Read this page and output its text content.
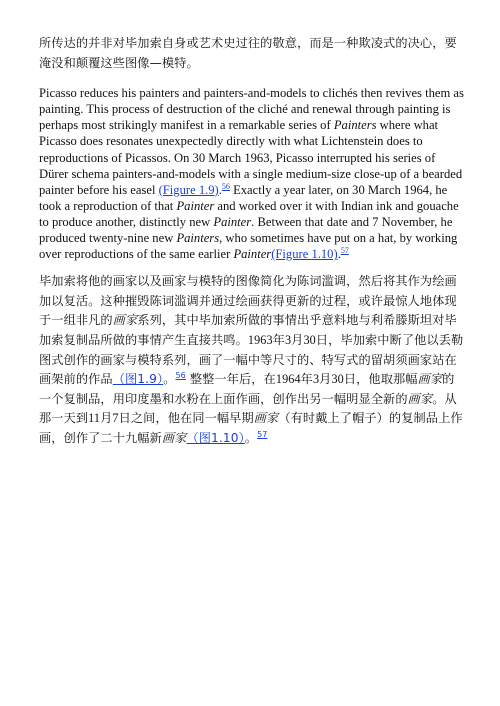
所传达的并非对毕加索自身或艺术史过往的敬意，而是一种欺凌式的决心，要淹没和颠覆这些图像—模特。

Picasso reduces his painters and painters-and-models to clichés then revives them as painting. This process of destruction of the cliché and renewal through painting is perhaps most strikingly manifest in a remarkable series of Painters where what Picasso does resonates unexpectedly directly with what Lichtenstein does to reproductions of Picassos. On 30 March 1963, Picasso interrupted his series of Dürer schema painters-and-models with a single medium-size close-up of a bearded painter before his easel (Figure 1.9).$^{56}$ Exactly a year later, on 30 March 1964, he took a reproduction of that Painter and worked over it with Indian ink and gouache to produce another, distinctly new Painter. Between that date and 7 November, he produced twenty-nine new Painters, who sometimes have put on a hat, by working over reproductions of the same earlier Painter(Figure 1.10).$^{57}$

毕加索将他的画家以及画家与模特的图像简化为陈词滥调，然后将其作为绘画加以复活。这种摧毁陈词滥调并通过绘画获得更新的过程，或许最惊人地体现于一组非凡的画家系列，其中毕加索所做的事情出乎意料地与利希滕斯坦对毕加索复制品所做的事情产生直接共鸣。1963年3月30日，毕加索中断了他以丢勒图式创作的画家与模特系列，画了一幅中等尺寸的、特写式的留胡须画家站在画架前的作品（图1.9）。$^{56}$ 整整一年后，在1964年3月30日，他取那幅画家的一个复制品，用印度墨和水粉在上面作画，创作出另一幅明显全新的画家。从那一天到11月7日之间，他在同一幅早期画家（有时戴上了帽子）的复制品上作画，创作了二十九幅新画家（图1.10）。$^{57}$
